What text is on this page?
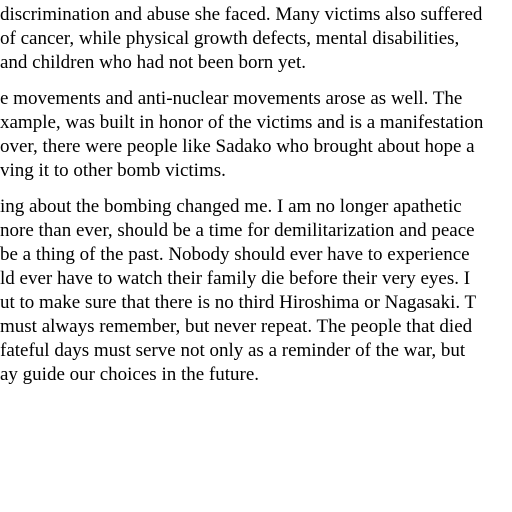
discrimination and abuse she faced. Many victims also suffered

of cancer, while physical growth defects, mental disabilities,

and children who had not been born yet.

e movements and anti-nuclear movements arose as well. The

xample, was built in honor of the victims and is a manifestation

over, there were people like Sadako who brought about hope a

ving it to other bomb victims.

ing about the bombing changed me. I am no longer apathetic

nore than ever, should be a time for demilitarization and peace

be a thing of the past. Nobody should ever have to experience

ld ever have to watch their family die before their very eyes. I

ut to make sure that there is no third Hiroshima or Nagasaki. T

must always remember, but never repeat. The people that died

fateful days must serve not only as a reminder of the war, but

ay guide our choices in the future.
